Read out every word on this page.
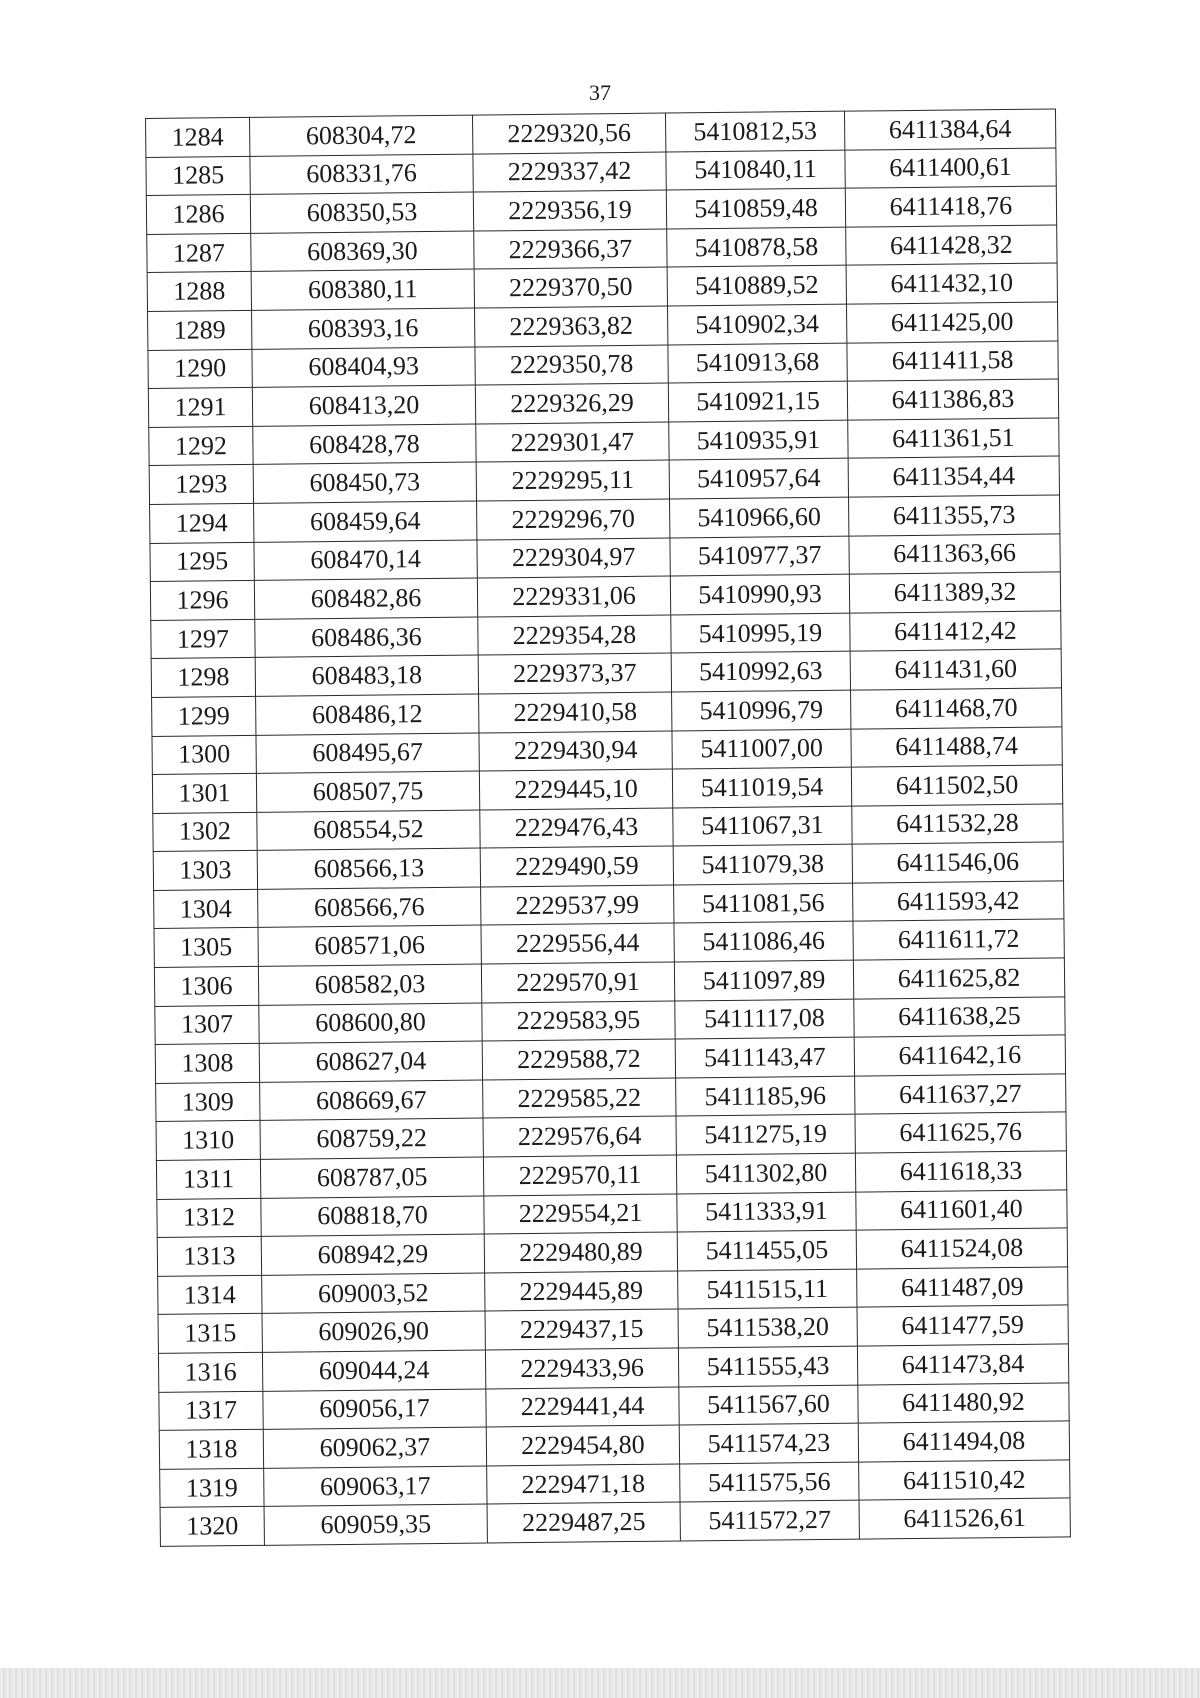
37
1284	608304,72	2229320,56	5410812,53	6411384,64
1285	608331,76	2229337,42	5410840,11	6411400,61
1286	608350,53	2229356,19	5410859,48	6411418,76
1287	608369,30	2229366,37	5410878,58	6411428,32
1288	608380,11	2229370,50	5410889,52	6411432,10
1289	608393,16	2229363,82	5410902,34	6411425,00
1290	608404,93	2229350,78	5410913,68	6411411,58
1291	608413,20	2229326,29	5410921,15	6411386,83
1292	608428,78	2229301,47	5410935,91	6411361,51
1293	608450,73	2229295,11	5410957,64	6411354,44
1294	608459,64	2229296,70	5410966,60	6411355,73
1295	608470,14	2229304,97	5410977,37	6411363,66
1296	608482,86	2229331,06	5410990,93	6411389,32
1297	608486,36	2229354,28	5410995,19	6411412,42
1298	608483,18	2229373,37	5410992,63	6411431,60
1299	608486,12	2229410,58	5410996,79	6411468,70
1300	608495,67	2229430,94	5411007,00	6411488,74
1301	608507,75	2229445,10	5411019,54	6411502,50
1302	608554,52	2229476,43	5411067,31	6411532,28
1303	608566,13	2229490,59	5411079,38	6411546,06
1304	608566,76	2229537,99	5411081,56	6411593,42
1305	608571,06	2229556,44	5411086,46	6411611,72
1306	608582,03	2229570,91	5411097,89	6411625,82
1307	608600,80	2229583,95	5411117,08	6411638,25
1308	608627,04	2229588,72	5411143,47	6411642,16
1309	608669,67	2229585,22	5411185,96	6411637,27
1310	608759,22	2229576,64	5411275,19	6411625,76
1311	608787,05	2229570,11	5411302,80	6411618,33
1312	608818,70	2229554,21	5411333,91	6411601,40
1313	608942,29	2229480,89	5411455,05	6411524,08
1314	609003,52	2229445,89	5411515,11	6411487,09
1315	609026,90	2229437,15	5411538,20	6411477,59
1316	609044,24	2229433,96	5411555,43	6411473,84
1317	609056,17	2229441,44	5411567,60	6411480,92
1318	609062,37	2229454,80	5411574,23	6411494,08
1319	609063,17	2229471,18	5411575,56	6411510,42
1320	609059,35	2229487,25	5411572,27	6411526,61
